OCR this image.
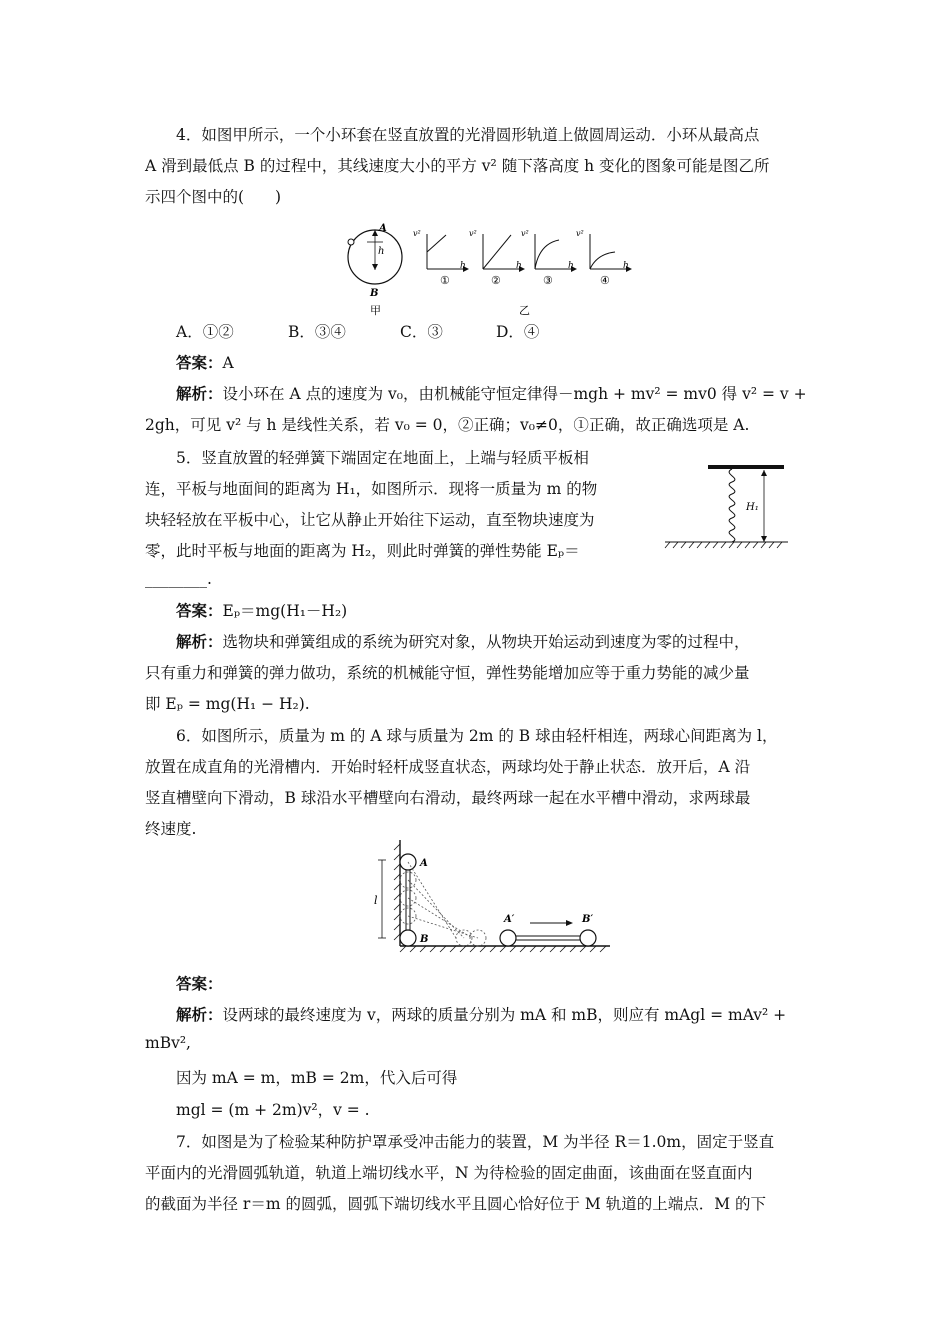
4．如图甲所示，一个小环套在竖直放置的光滑圆形轨道上做圆周运动．小环从最高点
A 滑到最低点 B 的过程中，其线速度大小的平方 v² 随下落高度 h 变化的图象可能是图乙所
示四个图中的(　　)
A
h
B
甲
v²
h
①
v²
h
②
v²
h
③
v²
h
④
乙
A．①②	B．③④	C．③	D．④
答案：A
解析：设小环在 A 点的速度为 v₀，由机械能守恒定律得－mgh + mv² = mv0 得 v² = v +
2gh，可见 v² 与 h 是线性关系，若 v₀ = 0，②正确；v₀≠0，①正确，故正确选项是 A.
5．竖直放置的轻弹簧下端固定在地面上，上端与轻质平板相
连，平板与地面间的距离为 H₁，如图所示．现将一质量为 m 的物
块轻轻放在平板中心，让它从静止开始往下运动，直至物块速度为
零，此时平板与地面的距离为 H₂，则此时弹簧的弹性势能 Eₚ＝
________.
H₁
答案：Eₚ＝mg(H₁－H₂)
解析：选物块和弹簧组成的系统为研究对象，从物块开始运动到速度为零的过程中，
只有重力和弹簧的弹力做功，系统的机械能守恒，弹性势能增加应等于重力势能的减少量
即 Eₚ = mg(H₁ − H₂).
6．如图所示，质量为 m 的 A 球与质量为 2m 的 B 球由轻杆相连，两球心间距离为 l，
放置在成直角的光滑槽内．开始时轻杆成竖直状态，两球均处于静止状态．放开后，A 沿
竖直槽壁向下滑动，B 球沿水平槽壁向右滑动，最终两球一起在水平槽中滑动，求两球最
终速度.
l
A
B
A′	B′
答案：
解析：设两球的最终速度为 v，两球的质量分别为 mA 和 mB，则应有 mAgl = mAv² +
mBv²,
因为 mA = m，mB = 2m，代入后可得
mgl = (m + 2m)v²，v = .
7．如图是为了检验某种防护罩承受冲击能力的装置，M 为半径 R＝1.0m，固定于竖直
平面内的光滑圆弧轨道，轨道上端切线水平，N 为待检验的固定曲面，该曲面在竖直面内
的截面为半径 r＝m 的圆弧，圆弧下端切线水平且圆心恰好位于 M 轨道的上端点．M 的下
